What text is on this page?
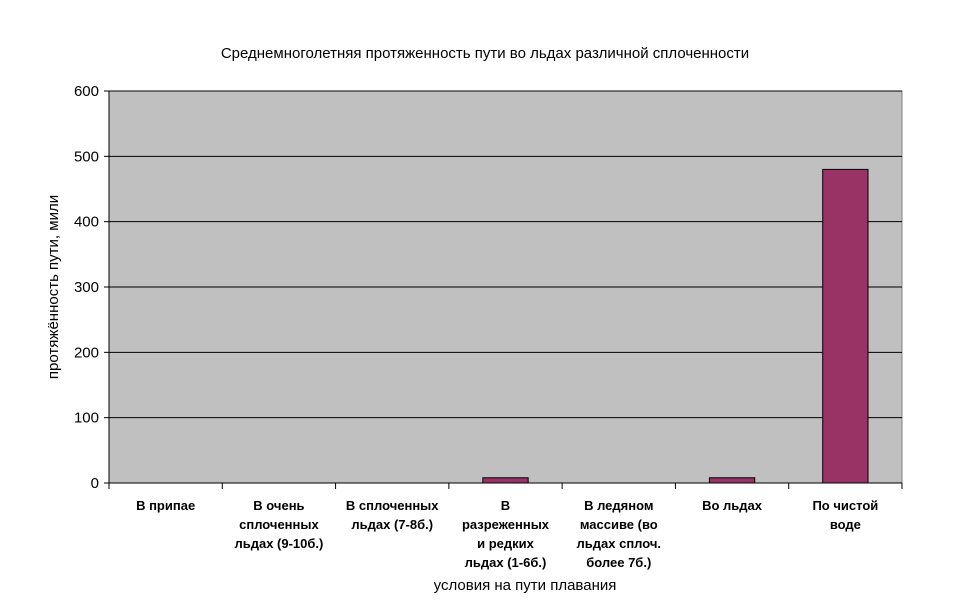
Среднемноголетняя протяженность пути во льдах различной сплоченности
протяжённость пути, мили
условия на пути плавания
0
100
200
300
400
500
600
В припае	В очень сплоченных льдах (9-10б.)
В сплоченных льдах (7-8б.)
В разреженных и редких льдах (1-6б.)
В ледяном массиве (во льдах сплоч. более 7б.)
Во льдах	По чистой воде
